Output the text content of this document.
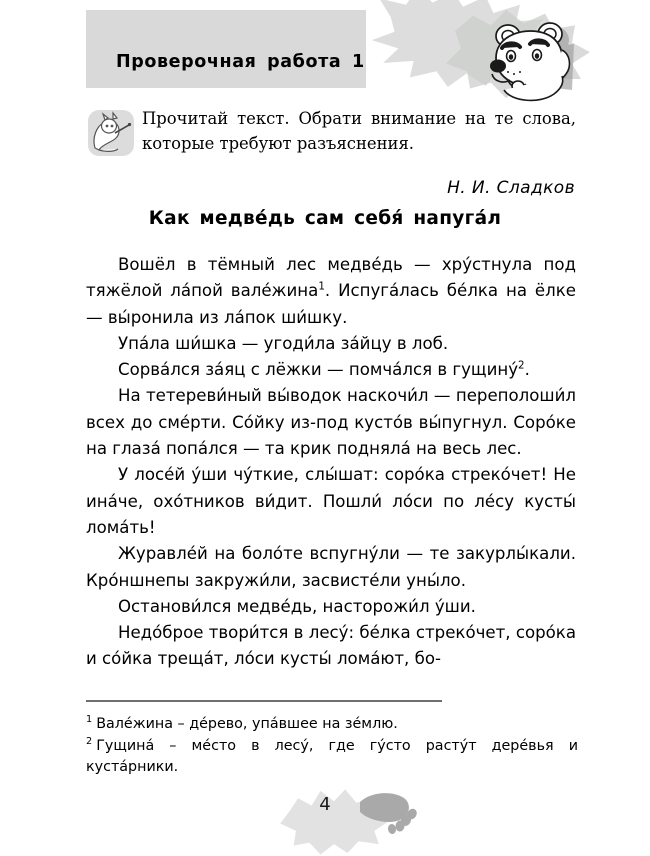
Проверочная работа 1
Прочитай текст. Обрати внимание на те слова, которые требуют разъяснения.
Н. И. Сладков
Как медве́дь сам себя́ напуга́л

Вошёл в тёмный лес медве́дь — хру́стнула под тяжёлой ла́пой вале́жина$^1$. Испуга́лась бе́лка на ёлке — вы́ронила из ла́пок ши́шку.

Упа́ла ши́шка — угоди́ла за́йцу в лоб.

Сорва́лся за́яц с лёжки — помча́лся в гущину́$^2$.

На тетереви́ный вы́водок наскочи́л — переполоши́л всех до сме́рти. Со́йку из-под кусто́в вы́пугнул. Соро́ке на глаза́ попа́лся — та крик подняла́ на весь лес.

У лосе́й у́ши чу́ткие, слы́шат: соро́ка стреко́чет! Не ина́че, охо́тников ви́дит. Пошли́ ло́си по ле́су кусты́ лома́ть!

Журавле́й на боло́те вспугну́ли — те закурлы́кали. Кро́ншнепы закружи́ли, засвисте́ли уны́ло.

Останови́лся медве́дь, насторожи́л у́ши.

Недо́брое твори́тся в лесу́: бе́лка стреко́чет, соро́ка и со́йка треща́т, ло́си кусты́ лома́ют, бо-

$^1$ Вале́жина – де́рево, упа́вшее на зе́млю.

$^2$ Гущина́ – ме́сто в лесу́, где гу́сто расту́т дере́вья и куста́рники.

4
